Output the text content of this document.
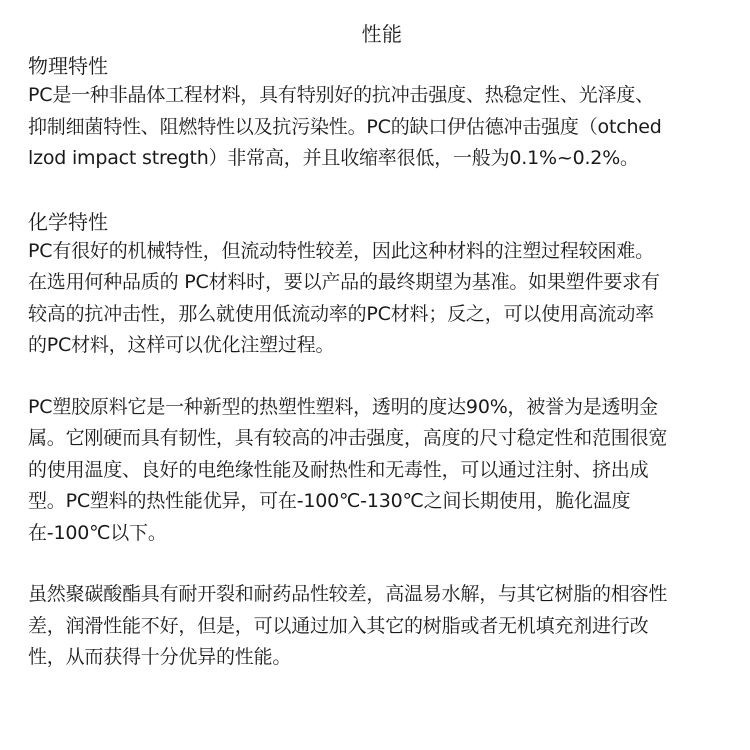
性能
物理特性
PC是一种非晶体工程材料，具有特别好的抗冲击强度、热稳定性、光泽度、
抑制细菌特性、阻燃特性以及抗污染性。PC的缺口伊估德冲击强度（otched
lzod impact stregth）非常高，并且收缩率很低，一般为0.1%~0.2%。
化学特性
PC有很好的机械特性，但流动特性较差，因此这种材料的注塑过程较困难。
在选用何种品质的 PC材料时，要以产品的最终期望为基准。如果塑件要求有
较高的抗冲击性，那么就使用低流动率的PC材料；反之，可以使用高流动率
的PC材料，这样可以优化注塑过程。
PC塑胶原料它是一种新型的热塑性塑料，透明的度达90%，被誉为是透明金
属。它刚硬而具有韧性，具有较高的冲击强度，高度的尺寸稳定性和范围很宽
的使用温度、良好的电绝缘性能及耐热性和无毒性，可以通过注射、挤出成
型。PC塑料的热性能优异，可在-100℃-130℃之间长期使用，脆化温度
在-100℃以下。
虽然聚碳酸酯具有耐开裂和耐药品性较差，高温易水解，与其它树脂的相容性
差，润滑性能不好，但是，可以通过加入其它的树脂或者无机填充剂进行改
性，从而获得十分优异的性能。
